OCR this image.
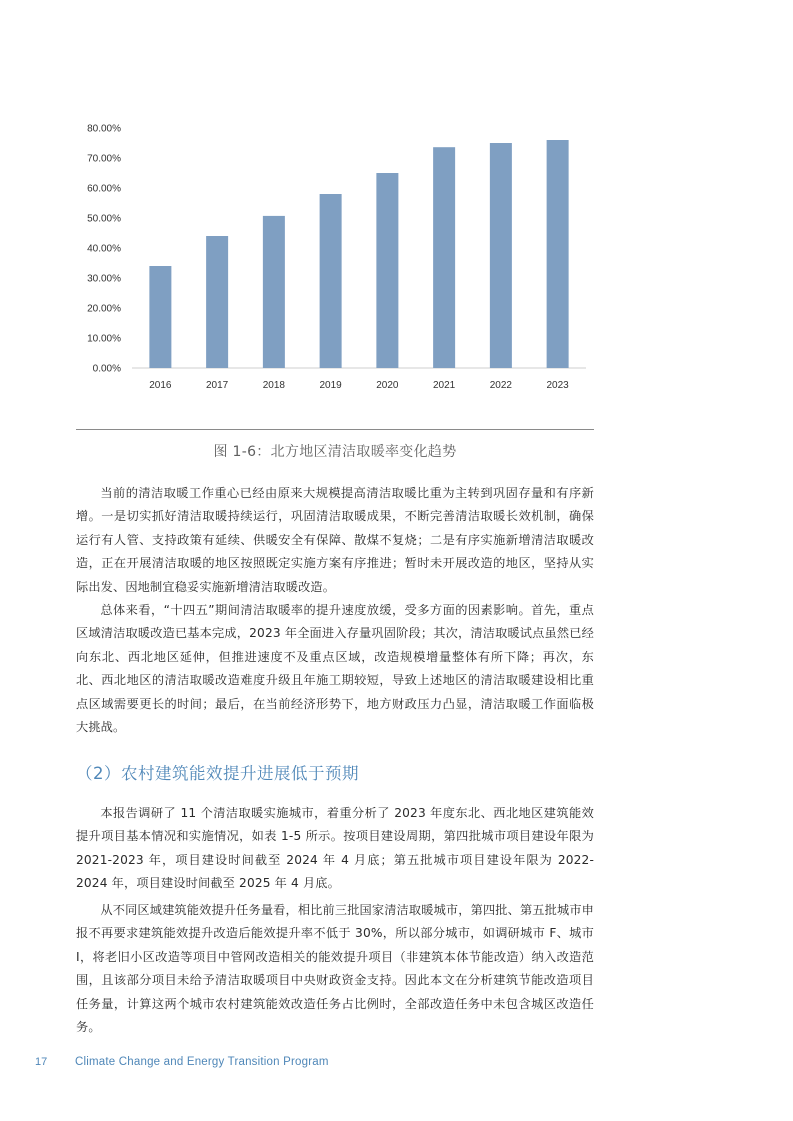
0.00%
10.00%
20.00%
30.00%
40.00%
50.00%
60.00%
70.00%
80.00%
2016	2017	2018	2019	2020	2021	2022	2023
图 1-6：北方地区清洁取暖率变化趋势

当前的清洁取暖工作重心已经由原来大规模提高清洁取暖比重为主转到巩固存量和有序新增。一是切实抓好清洁取暖持续运行，巩固清洁取暖成果，不断完善清洁取暖长效机制，确保运行有人管、支持政策有延续、供暖安全有保障、散煤不复烧；二是有序实施新增清洁取暖改造，正在开展清洁取暖的地区按照既定实施方案有序推进；暂时未开展改造的地区，坚持从实际出发、因地制宜稳妥实施新增清洁取暖改造。

总体来看，“十四五”期间清洁取暖率的提升速度放缓，受多方面的因素影响。首先，重点区域清洁取暖改造已基本完成，2023 年全面进入存量巩固阶段；其次，清洁取暖试点虽然已经向东北、西北地区延伸，但推进速度不及重点区域，改造规模增量整体有所下降；再次，东北、西北地区的清洁取暖改造难度升级且年施工期较短，导致上述地区的清洁取暖建设相比重点区域需要更长的时间；最后，在当前经济形势下，地方财政压力凸显，清洁取暖工作面临极大挑战。

（2）农村建筑能效提升进展低于预期

本报告调研了 11 个清洁取暖实施城市，着重分析了 2023 年度东北、西北地区建筑能效提升项目基本情况和实施情况，如表 1-5 所示。按项目建设周期，第四批城市项目建设年限为 2021-2023 年，项目建设时间截至 2024 年 4 月底；第五批城市项目建设年限为 2022-2024 年，项目建设时间截至 2025 年 4 月底。

从不同区域建筑能效提升任务量看，相比前三批国家清洁取暖城市，第四批、第五批城市申报不再要求建筑能效提升改造后能效提升率不低于 30%，所以部分城市，如调研城市 F、城市 I，将老旧小区改造等项目中管网改造相关的能效提升项目（非建筑本体节能改造）纳入改造范围，且该部分项目未给予清洁取暖项目中央财政资金支持。因此本文在分析建筑节能改造项目任务量，计算这两个城市农村建筑能效改造任务占比例时，全部改造任务中未包含城区改造任务。

17 Climate Change and Energy Transition Program
